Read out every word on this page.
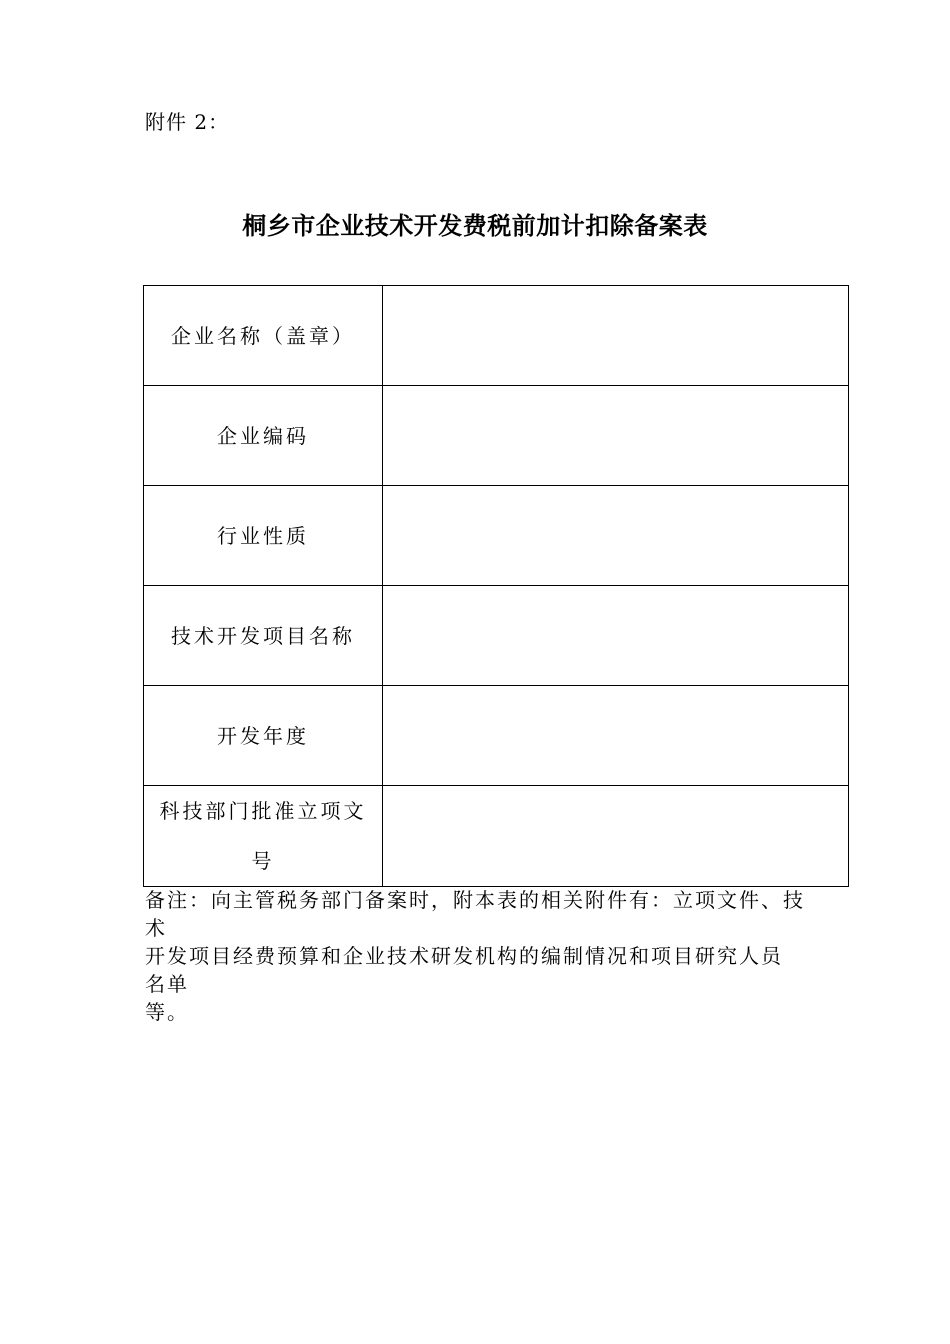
附件 2：
桐乡市企业技术开发费税前加计扣除备案表
企业名称（盖章）	
企业编码	
行业性质	
技术开发项目名称	
开发年度	
科技部门批准立项文号	

备注：向主管税务部门备案时，附本表的相关附件有：立项文件、技

术

开发项目经费预算和企业技术研发机构的编制情况和项目研究人员

名单

等。
